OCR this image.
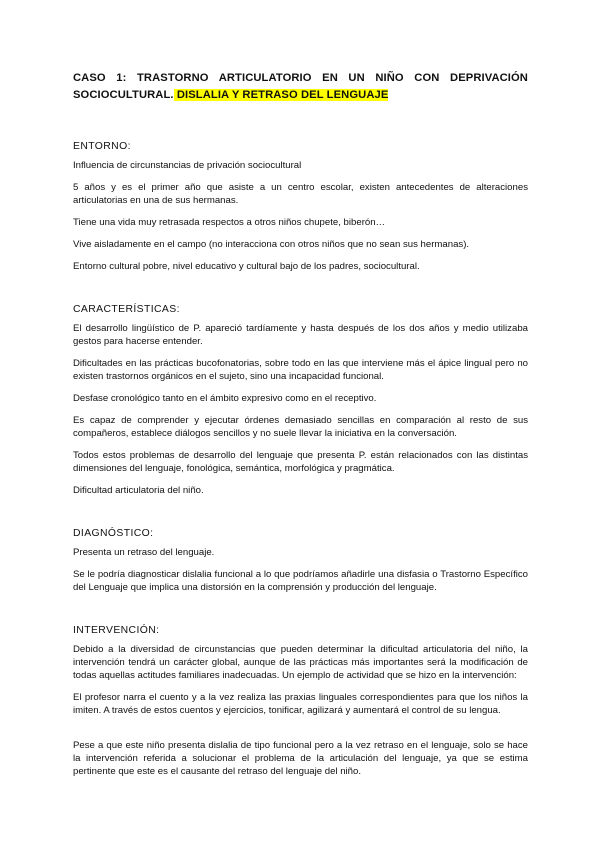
CASO 1: TRASTORNO ARTICULATORIO EN UN NIÑO CON DEPRIVACIÓN
SOCIOCULTURAL. DISLALIA Y RETRASO DEL LENGUAJE
ENTORNO:

Influencia de circunstancias de privación sociocultural

5 años y es el primer año que asiste a un centro escolar, existen antecedentes de alteraciones articulatorias en una de sus hermanas.

Tiene una vida muy retrasada respectos a otros niños chupete, biberón…

Vive aisladamente en el campo (no interacciona con otros niños que no sean sus hermanas).

Entorno cultural pobre, nivel educativo y cultural bajo de los padres, sociocultural.

CARACTERÍSTICAS:

El desarrollo lingüístico de P. apareció tardíamente y hasta después de los dos años y medio utilizaba gestos para hacerse entender.

Dificultades en las prácticas bucofonatorias, sobre todo en las que interviene más el ápice lingual pero no existen trastornos orgánicos en el sujeto, sino una incapacidad funcional.

Desfase cronológico tanto en el ámbito expresivo como en el receptivo.

Es capaz de comprender y ejecutar órdenes demasiado sencillas en comparación al resto de sus compañeros, establece diálogos sencillos y no suele llevar la iniciativa en la conversación.

Todos estos problemas de desarrollo del lenguaje que presenta P. están relacionados con las distintas dimensiones del lenguaje, fonológica, semántica, morfológica y pragmática.

Dificultad articulatoria del niño.

DIAGNÓSTICO:

Presenta un retraso del lenguaje.

Se le podría diagnosticar dislalia funcional a lo que podríamos añadirle una disfasia o Trastorno Específico del Lenguaje que implica una distorsión en la comprensión y producción del lenguaje.

INTERVENCIÓN:

Debido a la diversidad de circunstancias que pueden determinar la dificultad articulatoria del niño, la intervención tendrá un carácter global, aunque de las prácticas más importantes será la modificación de todas aquellas actitudes familiares inadecuadas. Un ejemplo de actividad que se hizo en la intervención:

El profesor narra el cuento y a la vez realiza las praxias linguales correspondientes para que los niños la imiten. A través de estos cuentos y ejercicios, tonificar, agilizará y aumentará el control de su lengua.

Pese a que este niño presenta dislalia de tipo funcional pero a la vez retraso en el lenguaje, solo se hace la intervención referida a solucionar el problema de la articulación del lenguaje, ya que se estima pertinente que este es el causante del retraso del lenguaje del niño.
